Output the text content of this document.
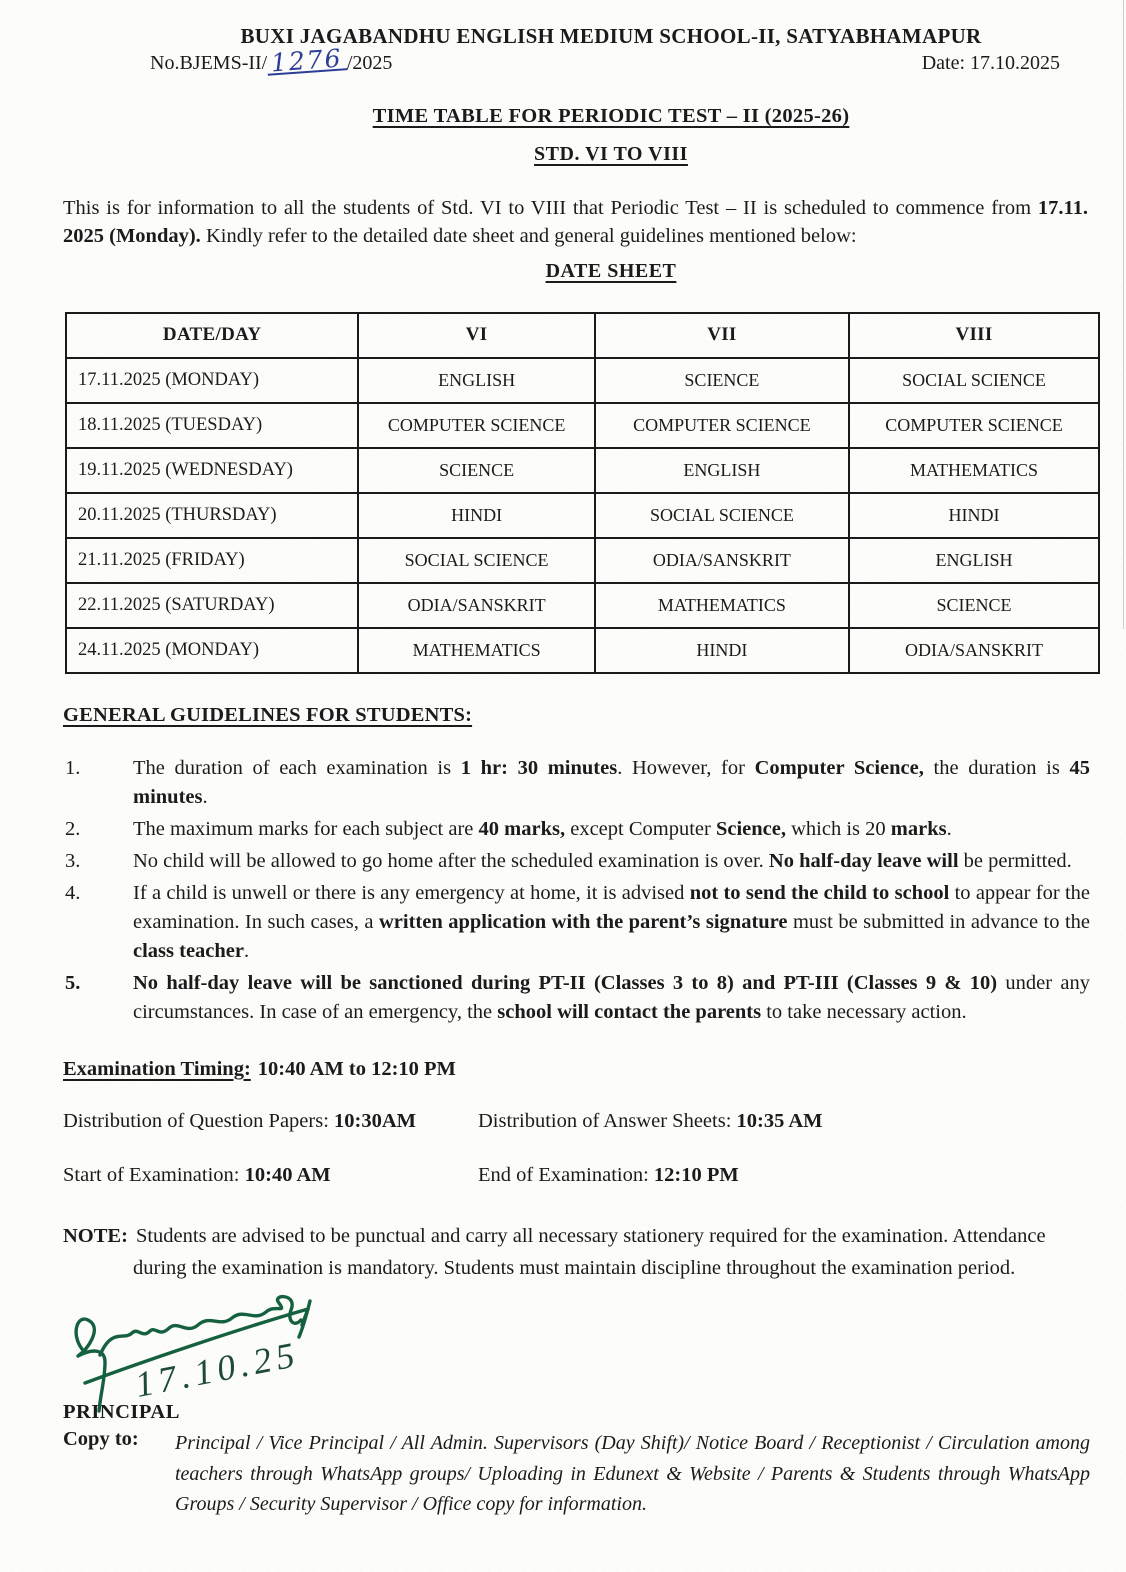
BUXI JAGABANDHU ENGLISH MEDIUM SCHOOL-II, SATYABHAMAPUR
No.BJEMS-II/ 1276 /2025	Date: 17.10.2025
TIME TABLE FOR PERIODIC TEST – II (2025-26)
STD. VI TO VIII

This is for information to all the students of Std. VI to VIII that Periodic Test – II is scheduled to commence from 17.11. 2025 (Monday). Kindly refer to the detailed date sheet and general guidelines mentioned below:

DATE SHEET
DATE/DAY	VI	VII	VIII
17.11.2025 (MONDAY)	ENGLISH	SCIENCE	SOCIAL SCIENCE
18.11.2025 (TUESDAY)	COMPUTER SCIENCE	COMPUTER SCIENCE	COMPUTER SCIENCE
19.11.2025 (WEDNESDAY)	SCIENCE	ENGLISH	MATHEMATICS
20.11.2025 (THURSDAY)	HINDI	SOCIAL SCIENCE	HINDI
21.11.2025 (FRIDAY)	SOCIAL SCIENCE	ODIA/SANSKRIT	ENGLISH
22.11.2025 (SATURDAY)	ODIA/SANSKRIT	MATHEMATICS	SCIENCE
24.11.2025 (MONDAY)	MATHEMATICS	HINDI	ODIA/SANSKRIT
GENERAL GUIDELINES FOR STUDENTS:
1.	The duration of each examination is 1 hr: 30 minutes. However, for Computer Science, the duration is 45 minutes.
2.	The maximum marks for each subject are 40 marks, except Computer Science, which is 20 marks.
3.	No child will be allowed to go home after the scheduled examination is over. No half-day leave will be permitted.
4.	If a child is unwell or there is any emergency at home, it is advised not to send the child to school to appear for the examination. In such cases, a written application with the parent’s signature must be submitted in advance to the class teacher.
5.	No half-day leave will be sanctioned during PT-II (Classes 3 to 8) and PT-III (Classes 9 & 10) under any circumstances. In case of an emergency, the school will contact the parents to take necessary action.
Examination Timing: 10:40 AM to 12:10 PM
Distribution of Question Papers: 10:30AM	Distribution of Answer Sheets: 10:35 AM
Start of Examination: 10:40 AM	End of Examination: 12:10 PM
NOTE: Students are advised to be punctual and carry all necessary stationery required for the examination. Attendance during the examination is mandatory. Students must maintain discipline throughout the examination period.
17.10.25
PRINCIPAL
Copy to:	Principal / Vice Principal / All Admin. Supervisors (Day Shift)/ Notice Board / Receptionist / Circulation among teachers through WhatsApp groups/ Uploading in Edunext & Website / Parents & Students through WhatsApp Groups / Security Supervisor / Office copy for information.
